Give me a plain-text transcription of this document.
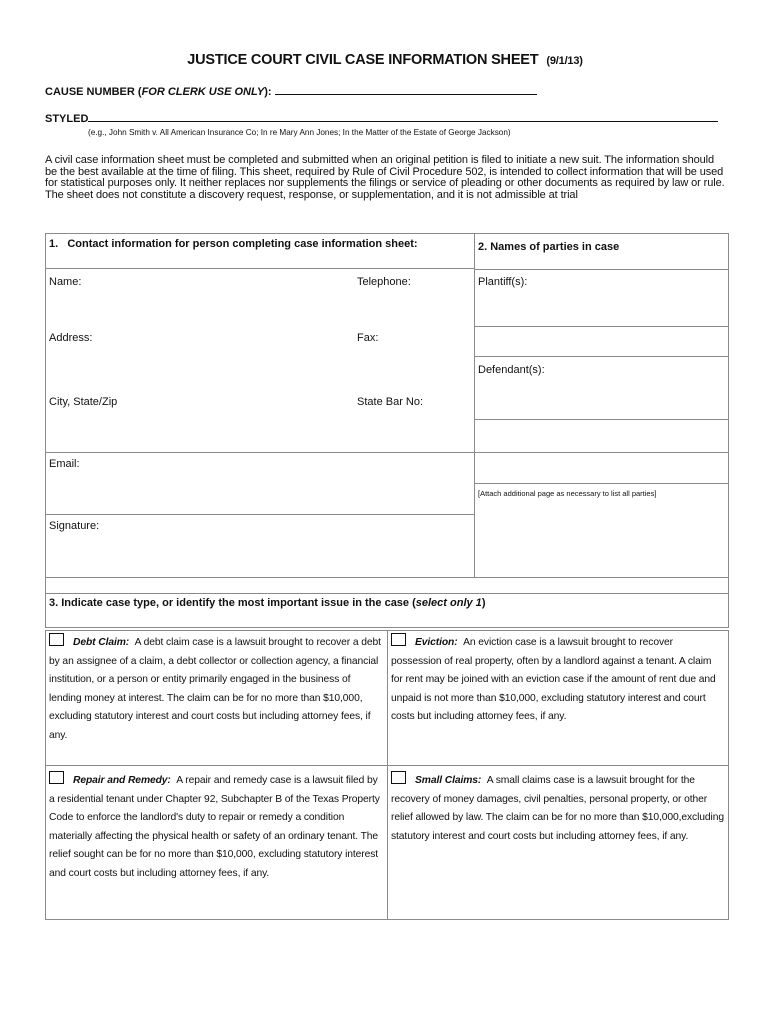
JUSTICE COURT CIVIL CASE INFORMATION SHEET (9/1/13)
CAUSE NUMBER (FOR CLERK USE ONLY):
STYLED
(e.g., John Smith v. All American Insurance Co; In re Mary Ann Jones; In the Matter of the Estate of George Jackson)
A civil case information sheet must be completed and submitted when an original petition is filed to initiate a new suit. The information should be the best available at the time of filing. This sheet, required by Rule of Civil Procedure 502, is intended to collect information that will be used for statistical purposes only. It neither replaces nor supplements the filings or service of pleading or other documents as required by law or rule. The sheet does not constitute a discovery request, response, or supplementation, and it is not admissible at trial
1. Contact information for person completing case information sheet:
Name:	Telephone:
Address:	Fax:
City, State/Zip	State Bar No:
Email:
Signature:
2. Names of parties in case
Plantiff(s):
Defendant(s):
[Attach additional page as necessary to list all parties]
3. Indicate case type, or identify the most important issue in the case (select only 1)
Debt Claim: A debt claim case is a lawsuit brought to recover a debt by an assignee of a claim, a debt collector or collection agency, a financial institution, or a person or entity primarily engaged in the business of lending money at interest. The claim can be for no more than $10,000, excluding statutory interest and court costs but including attorney fees, if any.
Eviction: An eviction case is a lawsuit brought to recover possession of real property, often by a landlord against a tenant. A claim for rent may be joined with an eviction case if the amount of rent due and unpaid is not more than $10,000, excluding statutory interest and court costs but including attorney fees, if any.
Repair and Remedy: A repair and remedy case is a lawsuit filed by a residential tenant under Chapter 92, Subchapter B of the Texas Property Code to enforce the landlord's duty to repair or remedy a condition materially affecting the physical health or safety of an ordinary tenant. The relief sought can be for no more than $10,000, excluding statutory interest and court costs but including attorney fees, if any.
Small Claims: A small claims case is a lawsuit brought for the recovery of money damages, civil penalties, personal property, or other relief allowed by law. The claim can be for no more than $10,000,excluding statutory interest and court costs but including attorney fees, if any.
